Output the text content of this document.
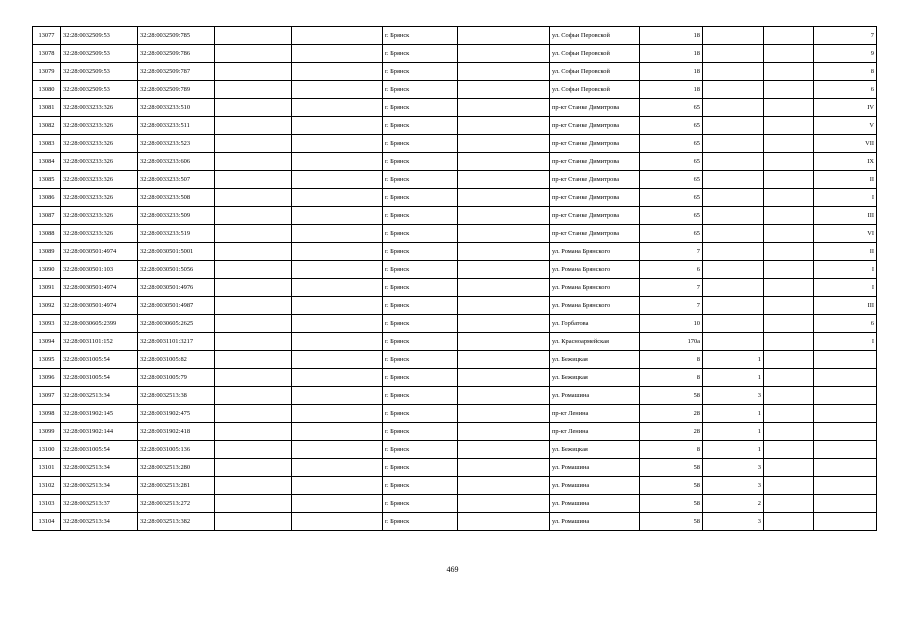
13077	32:28:0032509:53	32:28:0032509:785			г. Брянск		ул. Софьи Перовской	18			7
13078	32:28:0032509:53	32:28:0032509:786			г. Брянск		ул. Софьи Перовской	18			9
13079	32:28:0032509:53	32:28:0032509:787			г. Брянск		ул. Софьи Перовской	18			8
13080	32:28:0032509:53	32:28:0032509:789			г. Брянск		ул. Софьи Перовской	18			6
13081	32:28:0033233:326	32:28:0033233:510			г. Брянск		пр-кт Станке Димитрова	65			IV
13082	32:28:0033233:326	32:28:0033233:511			г. Брянск		пр-кт Станке Димитрова	65			V
13083	32:28:0033233:326	32:28:0033233:523			г. Брянск		пр-кт Станке Димитрова	65			VII
13084	32:28:0033233:326	32:28:0033233:606			г. Брянск		пр-кт Станке Димитрова	65			IX
13085	32:28:0033233:326	32:28:0033233:507			г. Брянск		пр-кт Станке Димитрова	65			II
13086	32:28:0033233:326	32:28:0033233:508			г. Брянск		пр-кт Станке Димитрова	65			I
13087	32:28:0033233:326	32:28:0033233:509			г. Брянск		пр-кт Станке Димитрова	65			III
13088	32:28:0033233:326	32:28:0033233:519			г. Брянск		пр-кт Станке Димитрова	65			VI
13089	32:28:0030501:4974	32:28:0030501:5001			г. Брянск		ул. Романа Брянского	7			II
13090	32:28:0030501:103	32:28:0030501:5056			г. Брянск		ул. Романа Брянского	6			I
13091	32:28:0030501:4974	32:28:0030501:4976			г. Брянск		ул. Романа Брянского	7			I
13092	32:28:0030501:4974	32:28:0030501:4987			г. Брянск		ул. Романа Брянского	7			III
13093	32:28:0030605:2399	32:28:0030605:2625			г. Брянск		ул. Горбатова	10			6
13094	32:28:0031101:152	32:28:0031101:3217			г. Брянск		ул. Красноармейская	170а			I
13095	32:28:0031005:54	32:28:0031005:82			г. Брянск		ул. Бежицкая	8	1		
13096	32:28:0031005:54	32:28:0031005:79			г. Брянск		ул. Бежицкая	8	1		
13097	32:28:0032513:34	32:28:0032513:38			г. Брянск		ул. Ромашина	58	3		
13098	32:28:0031902:145	32:28:0031902:475			г. Брянск		пр-кт Ленина	28	1		
13099	32:28:0031902:144	32:28:0031902:418			г. Брянск		пр-кт Ленина	28	1		
13100	32:28:0031005:54	32:28:0031005:136			г. Брянск		ул. Бежицкая	8	1		
13101	32:28:0032513:34	32:28:0032513:280			г. Брянск		ул. Ромашина	58	3		
13102	32:28:0032513:34	32:28:0032513:281			г. Брянск		ул. Ромашина	58	3		
13103	32:28:0032513:37	32:28:0032513:272			г. Брянск		ул. Ромашина	58	2		
13104	32:28:0032513:34	32:28:0032513:382			г. Брянск		ул. Ромашина	58	3		
469
